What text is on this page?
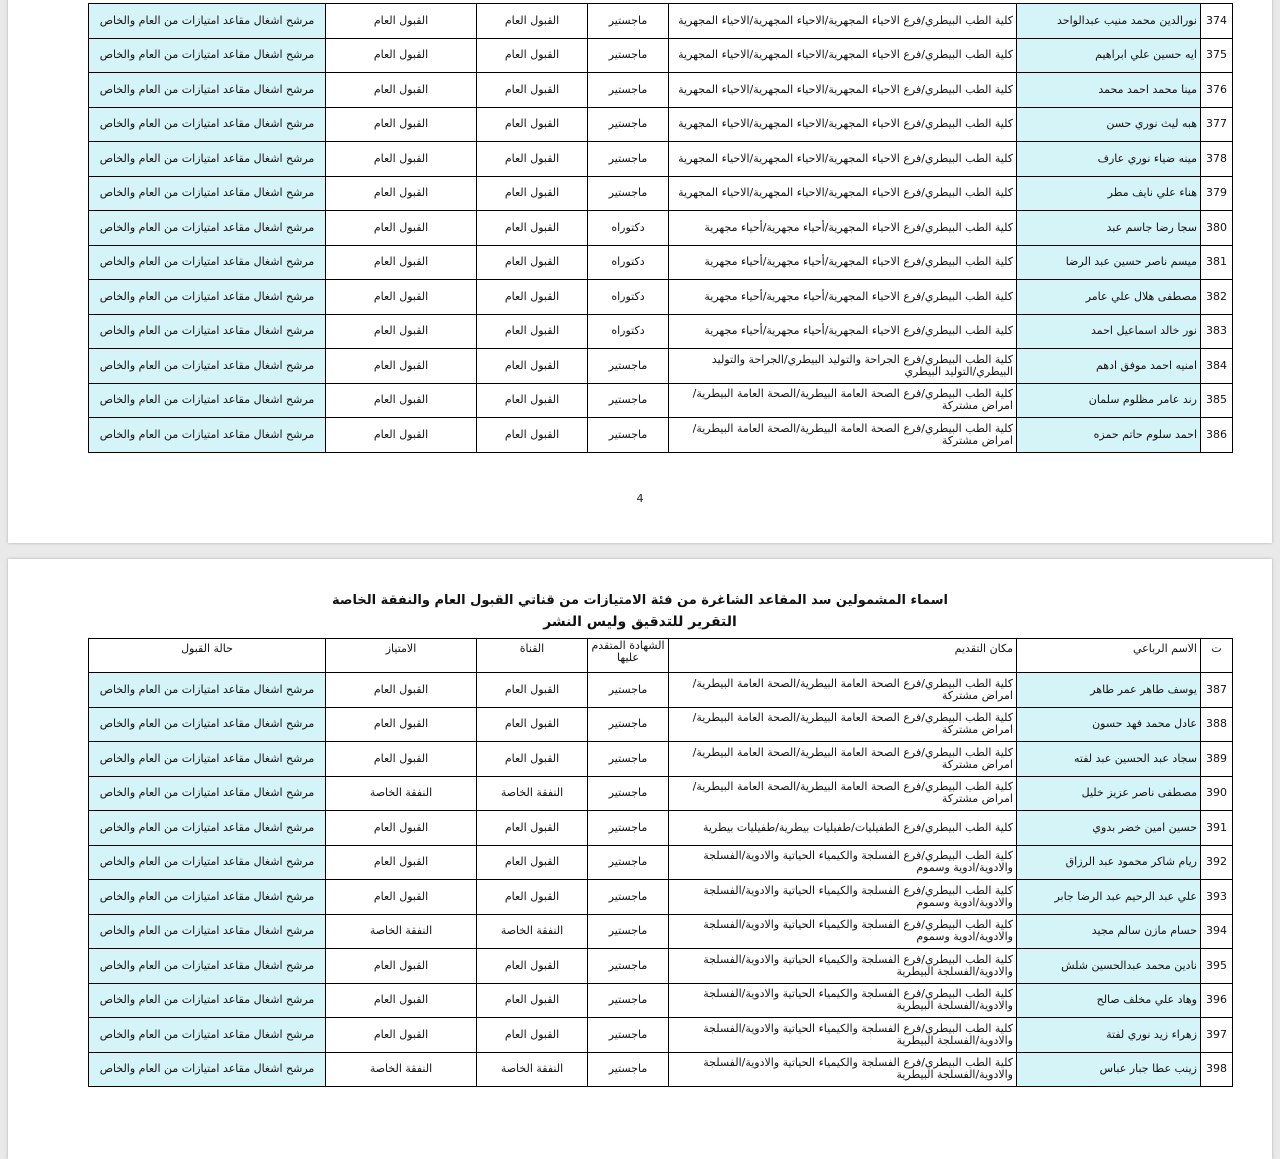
374	نورالدين محمد منيب عبدالواحد	كلية الطب البيطري/فرع الاحياء المجهرية/الاحياء المجهرية/الاحياء المجهرية	ماجستير	القبول العام	القبول العام	مرشح اشغال مقاعد امتيازات من العام والخاص
375	ايه حسين علي ابراهيم	كلية الطب البيطري/فرع الاحياء المجهرية/الاحياء المجهرية/الاحياء المجهرية	ماجستير	القبول العام	القبول العام	مرشح اشغال مقاعد امتيازات من العام والخاص
376	مينا محمد احمد محمد	كلية الطب البيطري/فرع الاحياء المجهرية/الاحياء المجهرية/الاحياء المجهرية	ماجستير	القبول العام	القبول العام	مرشح اشغال مقاعد امتيازات من العام والخاص
377	هبه ليث نوري حسن	كلية الطب البيطري/فرع الاحياء المجهرية/الاحياء المجهرية/الاحياء المجهرية	ماجستير	القبول العام	القبول العام	مرشح اشغال مقاعد امتيازات من العام والخاص
378	مينه ضياء نوري عارف	كلية الطب البيطري/فرع الاحياء المجهرية/الاحياء المجهرية/الاحياء المجهرية	ماجستير	القبول العام	القبول العام	مرشح اشغال مقاعد امتيازات من العام والخاص
379	هناء علي نايف مطر	كلية الطب البيطري/فرع الاحياء المجهرية/الاحياء المجهرية/الاحياء المجهرية	ماجستير	القبول العام	القبول العام	مرشح اشغال مقاعد امتيازات من العام والخاص
380	سجا رضا جاسم عبد	كلية الطب البيطري/فرع الاحياء المجهرية/أحياء مجهرية/أحياء مجهرية	دكتوراه	القبول العام	القبول العام	مرشح اشغال مقاعد امتيازات من العام والخاص
381	ميسم ناصر حسين عبد الرضا	كلية الطب البيطري/فرع الاحياء المجهرية/أحياء مجهرية/أحياء مجهرية	دكتوراه	القبول العام	القبول العام	مرشح اشغال مقاعد امتيازات من العام والخاص
382	مصطفى هلال علي عامر	كلية الطب البيطري/فرع الاحياء المجهرية/أحياء مجهرية/أحياء مجهرية	دكتوراه	القبول العام	القبول العام	مرشح اشغال مقاعد امتيازات من العام والخاص
383	نور خالد اسماعيل احمد	كلية الطب البيطري/فرع الاحياء المجهرية/أحياء مجهرية/أحياء مجهرية	دكتوراه	القبول العام	القبول العام	مرشح اشغال مقاعد امتيازات من العام والخاص
384	امنيه احمد موفق ادهم	كلية الطب البيطري/فرع الجراحة والتوليد البيطري/الجراحة والتوليد البيطري/التوليد البيطري	ماجستير	القبول العام	القبول العام	مرشح اشغال مقاعد امتيازات من العام والخاص
385	رند عامر مظلوم سلمان	كلية الطب البيطري/فرع الصحة العامة البيطرية/الصحة العامة البيطرية/امراض مشتركة	ماجستير	القبول العام	القبول العام	مرشح اشغال مقاعد امتيازات من العام والخاص
386	احمد سلوم حاتم حمزه	كلية الطب البيطري/فرع الصحة العامة البيطرية/الصحة العامة البيطرية/امراض مشتركة	ماجستير	القبول العام	القبول العام	مرشح اشغال مقاعد امتيازات من العام والخاص
4
اسماء المشمولين سد المقاعد الشاغرة من فئة الامتيازات من قناتي القبول العام والنفقة الخاصة
التقرير للتدقيق وليس النشر
ت	الاسم الرباعي	مكان التقديم	الشهادة المتقدم عليها	القناة	الامتياز	حالة القبول
387	يوسف طاهر عمر طاهر	كلية الطب البيطري/فرع الصحة العامة البيطرية/الصحة العامة البيطرية/امراض مشتركة	ماجستير	القبول العام	القبول العام	مرشح اشغال مقاعد امتيازات من العام والخاص
388	عادل محمد فهد حسون	كلية الطب البيطري/فرع الصحة العامة البيطرية/الصحة العامة البيطرية/امراض مشتركة	ماجستير	القبول العام	القبول العام	مرشح اشغال مقاعد امتيازات من العام والخاص
389	سجاد عبد الحسين عبد لفته	كلية الطب البيطري/فرع الصحة العامة البيطرية/الصحة العامة البيطرية/امراض مشتركة	ماجستير	القبول العام	القبول العام	مرشح اشغال مقاعد امتيازات من العام والخاص
390	مصطفى ناصر عزيز خليل	كلية الطب البيطري/فرع الصحة العامة البيطرية/الصحة العامة البيطرية/امراض مشتركة	ماجستير	النفقة الخاصة	النفقة الخاصة	مرشح اشغال مقاعد امتيازات من العام والخاص
391	حسين امين خضر بدوي	كلية الطب البيطري/فرع الطفيليات/طفيليات بيطرية/طفيليات بيطرية	ماجستير	القبول العام	القبول العام	مرشح اشغال مقاعد امتيازات من العام والخاص
392	ريام شاكر محمود عبد الرزاق	كلية الطب البيطري/فرع الفسلجة والكيمياء الحياتية والادوية/الفسلجة والادوية/ادوية وسموم	ماجستير	القبول العام	القبول العام	مرشح اشغال مقاعد امتيازات من العام والخاص
393	علي عبد الرحيم عبد الرضا جابر	كلية الطب البيطري/فرع الفسلجة والكيمياء الحياتية والادوية/الفسلجة والادوية/ادوية وسموم	ماجستير	القبول العام	القبول العام	مرشح اشغال مقاعد امتيازات من العام والخاص
394	حسام مازن سالم مجيد	كلية الطب البيطري/فرع الفسلجة والكيمياء الحياتية والادوية/الفسلجة والادوية/ادوية وسموم	ماجستير	النفقة الخاصة	النفقة الخاصة	مرشح اشغال مقاعد امتيازات من العام والخاص
395	نادين محمد عبدالحسين شلش	كلية الطب البيطري/فرع الفسلجة والكيمياء الحياتية والادوية/الفسلجة والادوية/الفسلجة البيطرية	ماجستير	القبول العام	القبول العام	مرشح اشغال مقاعد امتيازات من العام والخاص
396	وهاد علي مخلف صالح	كلية الطب البيطري/فرع الفسلجة والكيمياء الحياتية والادوية/الفسلجة والادوية/الفسلجة البيطرية	ماجستير	القبول العام	القبول العام	مرشح اشغال مقاعد امتيازات من العام والخاص
397	زهراء زيد نوري لفتة	كلية الطب البيطري/فرع الفسلجة والكيمياء الحياتية والادوية/الفسلجة والادوية/الفسلجة البيطرية	ماجستير	القبول العام	القبول العام	مرشح اشغال مقاعد امتيازات من العام والخاص
398	زينب عطا جبار عباس	كلية الطب البيطري/فرع الفسلجة والكيمياء الحياتية والادوية/الفسلجة والادوية/الفسلجة البيطرية	ماجستير	النفقة الخاصة	النفقة الخاصة	مرشح اشغال مقاعد امتيازات من العام والخاص
